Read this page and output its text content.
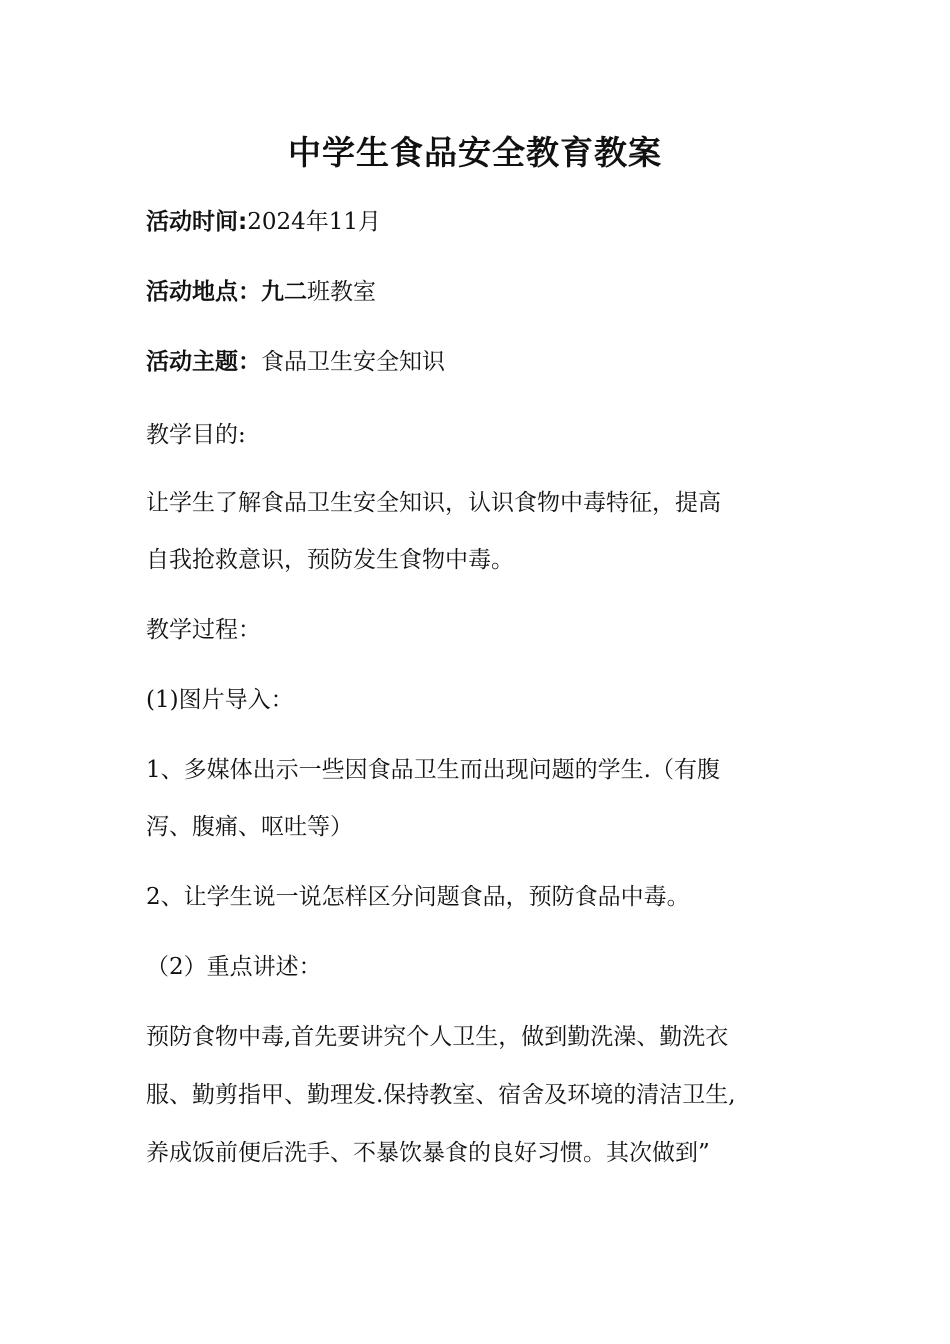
中学生食品安全教育教案
活动时间:2024年11月
活动地点：九二班教室
活动主题：食品卫生安全知识
教学目的:
让学生了解食品卫生安全知识，认识食物中毒特征，提高
自我抢救意识，预防发生食物中毒。
教学过程：
(1)图片导入：
1、多媒体出示一些因食品卫生而出现问题的学生.（有腹
泻、腹痛、呕吐等）
2、让学生说一说怎样区分问题食品，预防食品中毒。
（2）重点讲述：
预防食物中毒,首先要讲究个人卫生，做到勤洗澡、勤洗衣
服、勤剪指甲、勤理发.保持教室、宿舍及环境的清洁卫生,
养成饭前便后洗手、不暴饮暴食的良好习惯。其次做到”
